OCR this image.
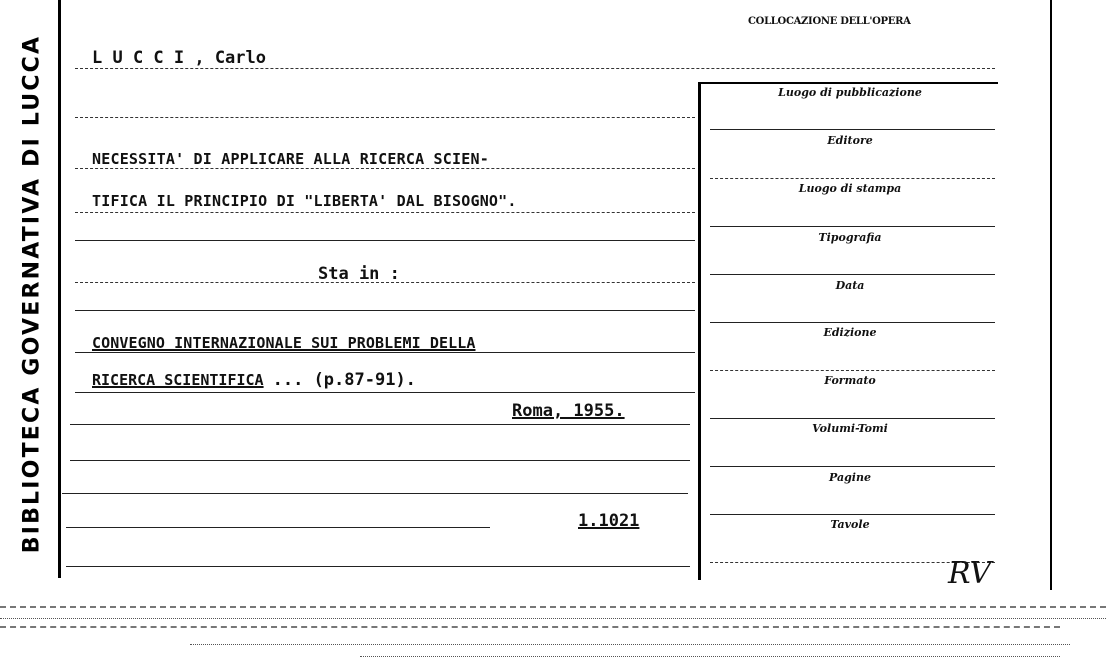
BIBLIOTECA GOVERNATIVA DI LUCCA
COLLOCAZIONE DELL'OPERA
L U C C I , Carlo
NECESSITA' DI APPLICARE ALLA RICERCA SCIEN-
TIFICA IL PRINCIPIO DI "LIBERTA' DAL BISOGNO".
Sta in :
CONVEGNO INTERNAZIONALE SUI PROBLEMI DELLA
RICERCA SCIENTIFICA ... (p.87-91).
Roma, 1955.
1.1021
Luogo di pubblicazione
Editore
Luogo di stampa
Tipografia
Data
Edizione
Formato
Volumi-Tomi
Pagine
Tavole
RV
